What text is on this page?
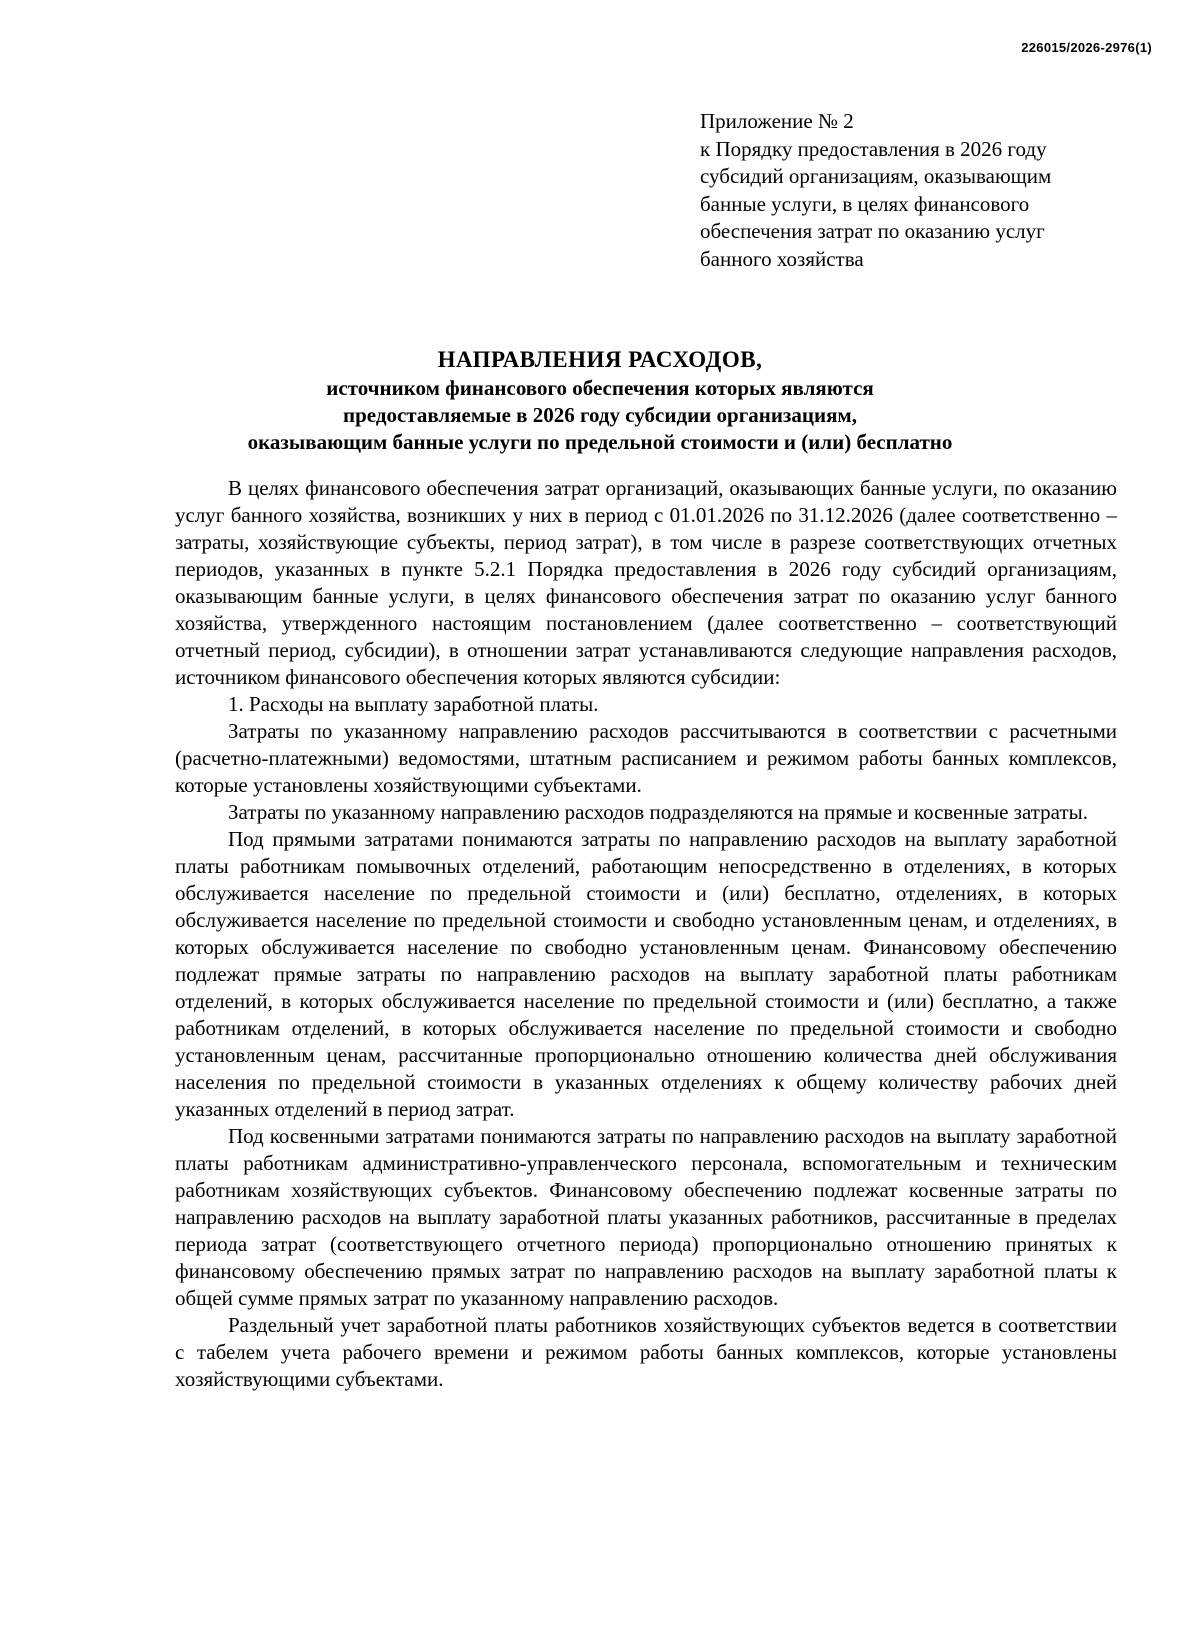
226015/2026-2976(1)
Приложение № 2
к Порядку предоставления в 2026 году
субсидий организациям, оказывающим
банные услуги, в целях финансового
обеспечения затрат по оказанию услуг
банного хозяйства
НАПРАВЛЕНИЯ РАСХОДОВ,
источником финансового обеспечения которых являются
предоставляемые в 2026 году субсидии организациям,
оказывающим банные услуги по предельной стоимости и (или) бесплатно

В целях финансового обеспечения затрат организаций, оказывающих банные услуги, по оказанию услуг банного хозяйства, возникших у них в период с 01.01.2026 по 31.12.2026 (далее соответственно – затраты, хозяйствующие субъекты, период затрат), в том числе в разрезе соответствующих отчетных периодов, указанных в пункте 5.2.1 Порядка предоставления в 2026 году субсидий организациям, оказывающим банные услуги, в целях финансового обеспечения затрат по оказанию услуг банного хозяйства, утвержденного настоящим постановлением (далее соответственно – соответствующий отчетный период, субсидии), в отношении затрат устанавливаются следующие направления расходов, источником финансового обеспечения которых являются субсидии:

1. Расходы на выплату заработной платы.

Затраты по указанному направлению расходов рассчитываются в соответствии с расчетными (расчетно-платежными) ведомостями, штатным расписанием и режимом работы банных комплексов, которые установлены хозяйствующими субъектами.

Затраты по указанному направлению расходов подразделяются на прямые и косвенные затраты.

Под прямыми затратами понимаются затраты по направлению расходов на выплату заработной платы работникам помывочных отделений, работающим непосредственно в отделениях, в которых обслуживается население по предельной стоимости и (или) бесплатно, отделениях, в которых обслуживается население по предельной стоимости и свободно установленным ценам, и отделениях, в которых обслуживается население по свободно установленным ценам. Финансовому обеспечению подлежат прямые затраты по направлению расходов на выплату заработной платы работникам отделений, в которых обслуживается население по предельной стоимости и (или) бесплатно, а также работникам отделений, в которых обслуживается население по предельной стоимости и свободно установленным ценам, рассчитанные пропорционально отношению количества дней обслуживания населения по предельной стоимости в указанных отделениях к общему количеству рабочих дней указанных отделений в период затрат.

Под косвенными затратами понимаются затраты по направлению расходов на выплату заработной платы работникам административно-управленческого персонала, вспомогательным и техническим работникам хозяйствующих субъектов. Финансовому обеспечению подлежат косвенные затраты по направлению расходов на выплату заработной платы указанных работников, рассчитанные в пределах периода затрат (соответствующего отчетного периода) пропорционально отношению принятых к финансовому обеспечению прямых затрат по направлению расходов на выплату заработной платы к общей сумме прямых затрат по указанному направлению расходов.

Раздельный учет заработной платы работников хозяйствующих субъектов ведется в соответствии с табелем учета рабочего времени и режимом работы банных комплексов, которые установлены хозяйствующими субъектами.
